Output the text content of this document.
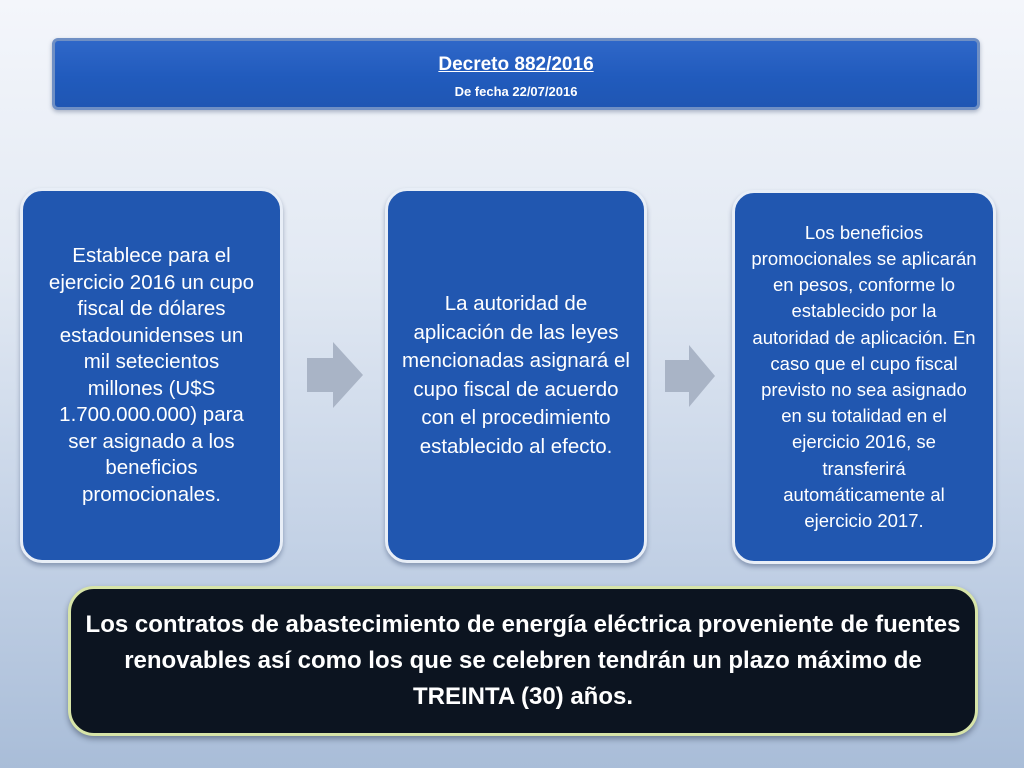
Decreto 882/2016
De fecha 22/07/2016
Establece para el ejercicio 2016 un cupo fiscal de dólares estadounidenses un mil setecientos millones (U$S 1.700.000.000) para ser asignado a los beneficios promocionales.
La autoridad de aplicación de las leyes mencionadas asignará el cupo fiscal de acuerdo con el procedimiento establecido al efecto.
Los beneficios promocionales se aplicarán en pesos, conforme lo establecido por la autoridad de aplicación. En caso que el cupo fiscal previsto no sea asignado en su totalidad en el ejercicio 2016, se transferirá automáticamente al ejercicio 2017.
Los contratos de abastecimiento de energía eléctrica proveniente de fuentes renovables así como los que se celebren tendrán un plazo máximo de TREINTA (30) años.
